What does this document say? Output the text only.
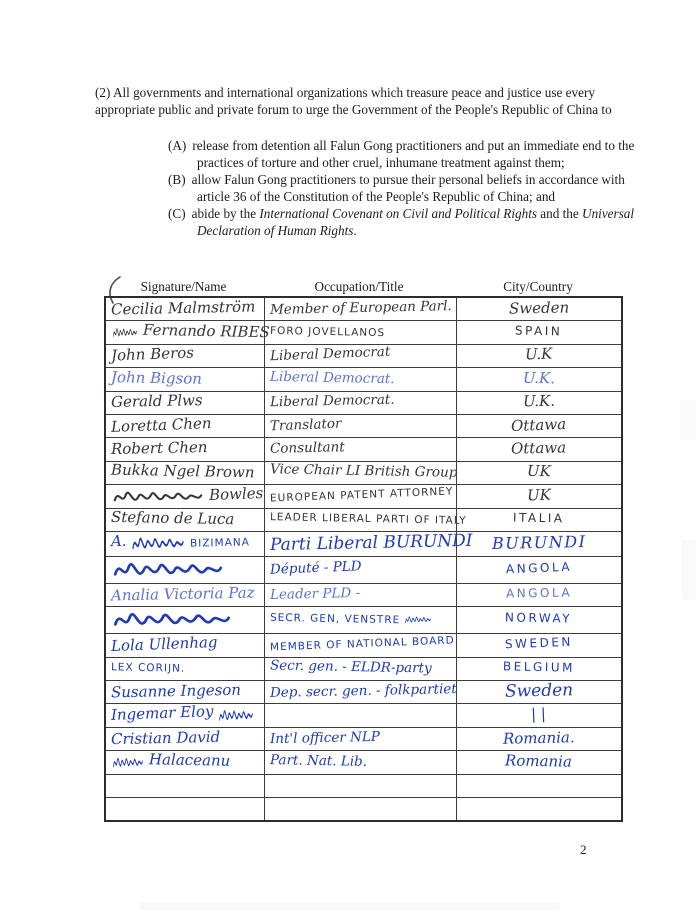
(2) All governments and international organizations which treasure peace and justice use every appropriate public and private forum to urge the Government of the People's Republic of China to

(A) release from detention all Falun Gong practitioners and put an immediate end to the practices of torture and other cruel, inhumane treatment against them;

(B) allow Falun Gong practitioners to pursue their personal beliefs in accordance with article 36 of the Constitution of the People's Republic of China; and

(C) abide by the International Covenant on Civil and Political Rights and the Universal Declaration of Human Rights.

Signature/Name	Occupation/Title	City/Country
Cecilia Malmström	Member of European Parl.	Sweden
Fernando RIBES	FORO JOVELLANOS	SPAIN
John Beros	Liberal Democrat	U.K
John Bigson	Liberal Democrat.	U.K.
Gerald Plws	Liberal Democrat.	U.K.
Loretta Chen	Translator	Ottawa
Robert Chen	Consultant	Ottawa
Bukka Ngel Brown	Vice Chair LI British Group	UK
Bowles	EUROPEAN PATENT ATTORNEY	UK
Stefano de Luca	LEADER LIBERAL PARTI OF ITALY	ITALIA
A. BIZIMANA	Parti Liberal BURUNDI	BURUNDI
	Député - PLD	ANGOLA
Analia Victoria Paz	Leader PLD -	ANGOLA
	SECR. GEN, VENSTRE	NORWAY
Lola Ullenhag	MEMBER OF NATIONAL BOARD	SWEDEN
LEX CORIJN.	Secr. gen. - ELDR-party	BELGIUM
Susanne Ingeson	Dep. secr. gen. - folkpartiet	Sweden
Ingemar Eloy		| |
Cristian David	Int'l officer NLP	Romania.
Halaceanu	Part. Nat. Lib.	Romania

2
